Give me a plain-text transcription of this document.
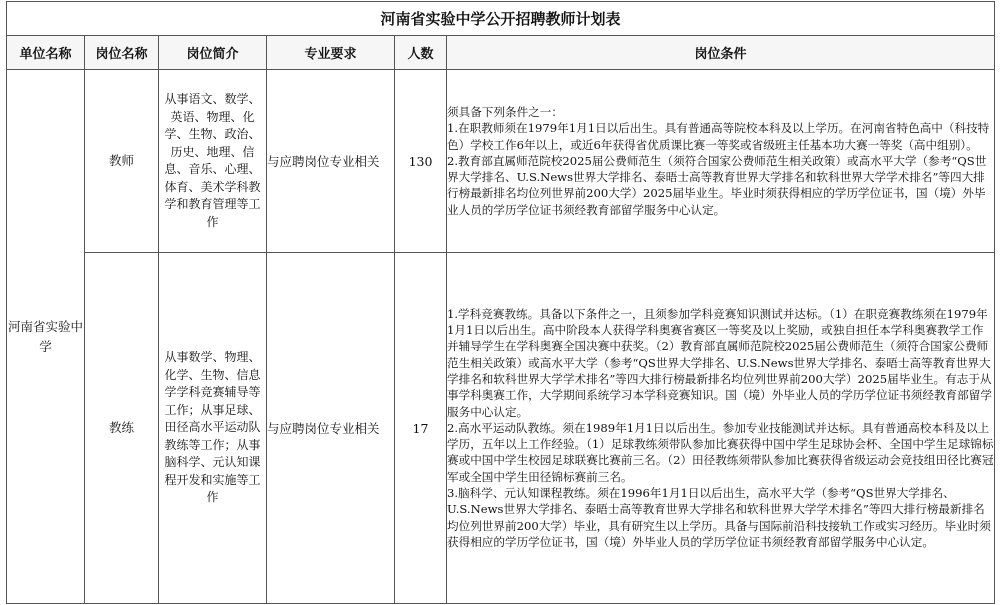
河南省实验中学公开招聘教师计划表					
单位名称	岗位名称	岗位简介	专业要求	人数	岗位条件
河南省实验中学	教师	从事语文、数学、英语、物理、化学、生物、政治、历史、地理、信息、音乐、心理、体育、美术学科教学和教育管理等工作	与应聘岗位专业相关	130	须具备下列条件之一：

1.在职教师须在1979年1月1日以后出生。具有普通高等院校本科及以上学历。在河南省特色高中（科技特色）学校工作6年以上，或近6年获得省优质课比赛一等奖或省级班主任基本功大赛一等奖（高中组别）。

2.教育部直属师范院校2025届公费师范生（须符合国家公费师范生相关政策）或高水平大学（参考“QS世界大学排名、U.S.News世界大学排名、泰晤士高等教育世界大学排名和软科世界大学学术排名”等四大排行榜最新排名均位列世界前200大学）2025届毕业生。毕业时须获得相应的学历学位证书，国（境）外毕业人员的学历学位证书须经教育部留学服务中心认定。

	教练	从事数学、物理、化学、生物、信息学学科竞赛辅导等工作；从事足球、田径高水平运动队教练等工作；从事脑科学、元认知课程开发和实施等工作	与应聘岗位专业相关	17	1.学科竞赛教练。具备以下条件之一，且须参加学科竞赛知识测试并达标。（1）在职竞赛教练须在1979年1月1日以后出生。高中阶段本人获得学科奥赛省赛区一等奖及以上奖励，或独自担任本学科奥赛教学工作并辅导学生在学科奥赛全国决赛中获奖。（2）教育部直属师范院校2025届公费师范生（须符合国家公费师范生相关政策）或高水平大学（参考“QS世界大学排名、U.S.News世界大学排名、泰晤士高等教育世界大学排名和软科世界大学学术排名”等四大排行榜最新排名均位列世界前200大学）2025届毕业生。有志于从事学科奥赛工作，大学期间系统学习本学科竞赛知识。国（境）外毕业人员的学历学位证书须经教育部留学服务中心认定。

2.高水平运动队教练。须在1989年1月1日以后出生。参加专业技能测试并达标。具有普通高校本科及以上学历，五年以上工作经验。（1）足球教练须带队参加比赛获得中国中学生足球协会杯、全国中学生足球锦标赛或中国中学生校园足球联赛比赛前三名。（2）田径教练须带队参加比赛获得省级运动会竞技组田径比赛冠军或全国中学生田径锦标赛前三名。

3.脑科学、元认知课程教练。须在1996年1月1日以后出生，高水平大学（参考“QS世界大学排名、U.S.News世界大学排名、泰晤士高等教育世界大学排名和软科世界大学学术排名”等四大排行榜最新排名均位列世界前200大学）毕业，具有研究生以上学历。具备与国际前沿科技接轨工作或实习经历。毕业时须获得相应的学历学位证书，国（境）外毕业人员的学历学位证书须经教育部留学服务中心认定。
